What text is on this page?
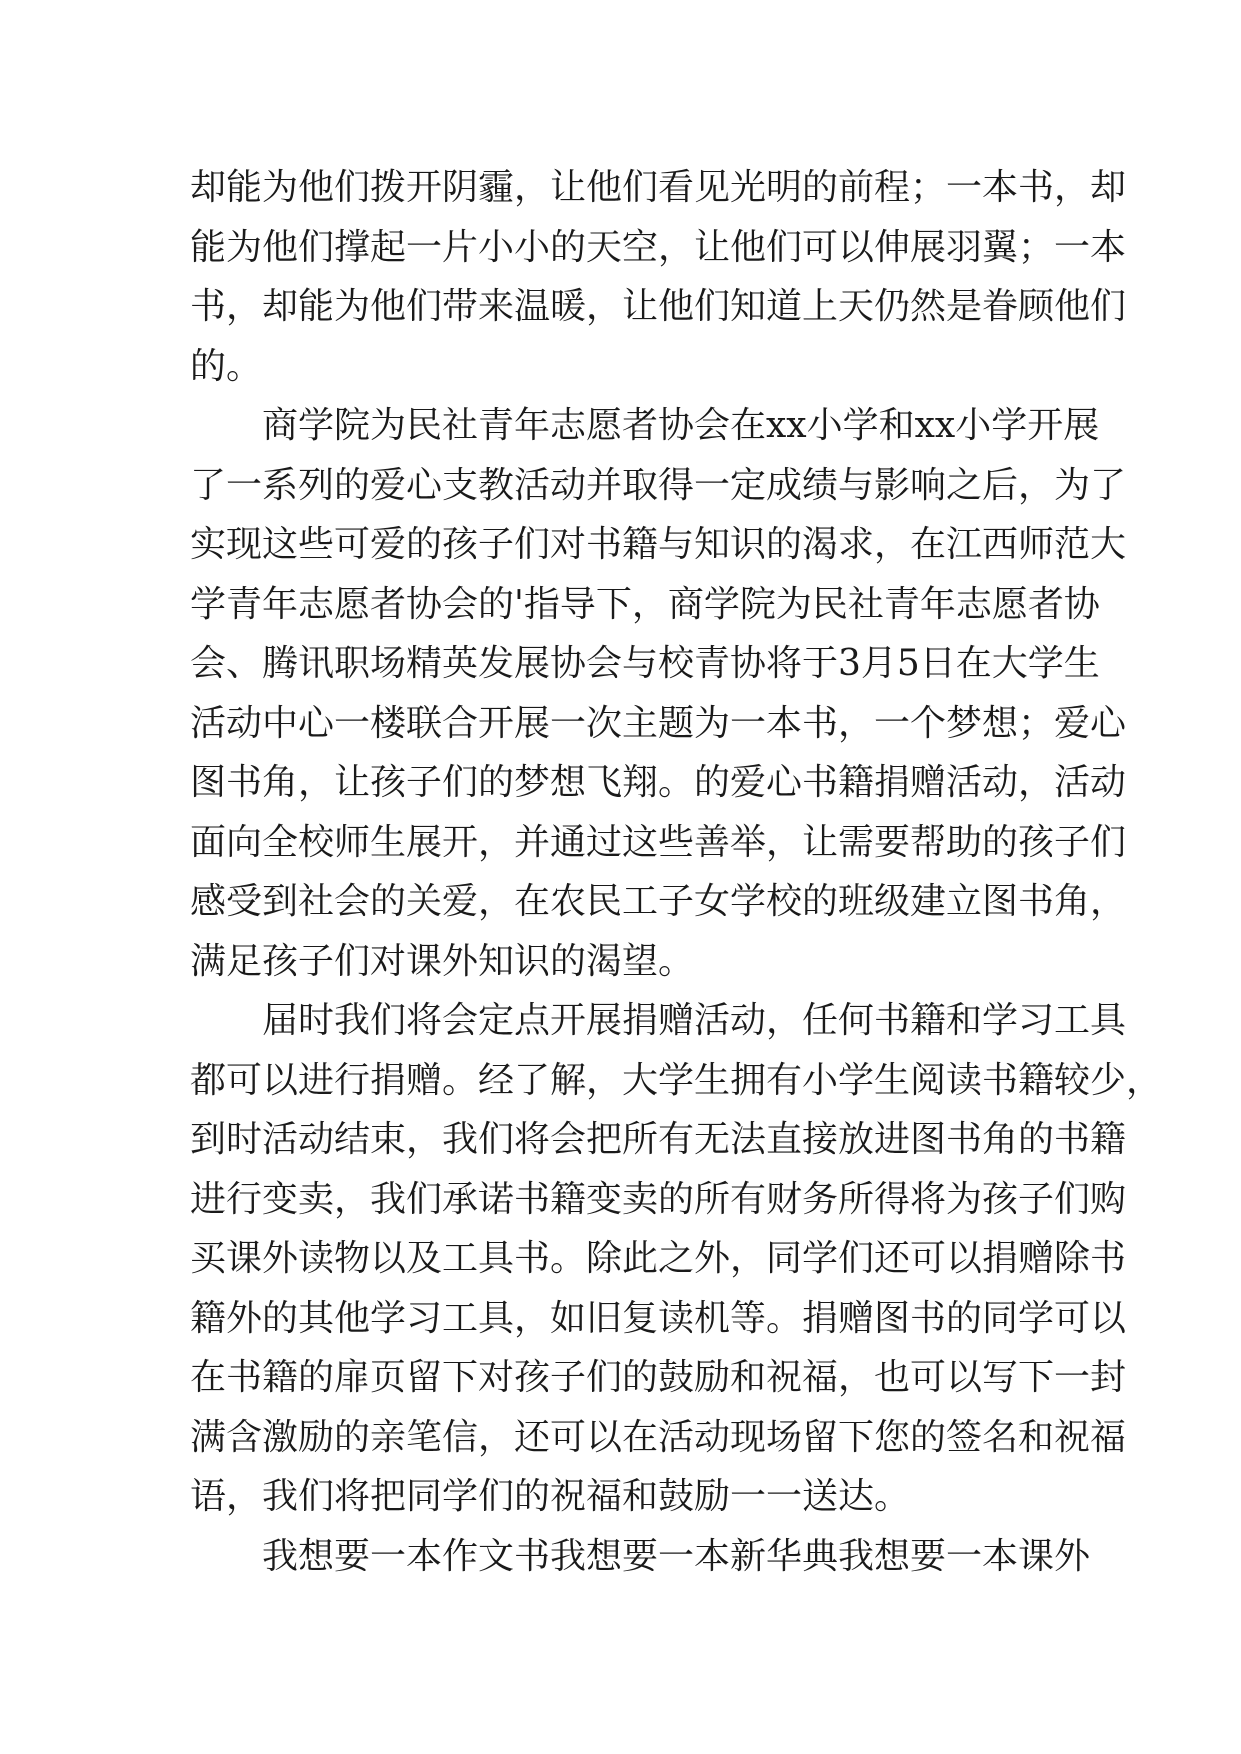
却能为他们拨开阴霾，让他们看见光明的前程；一本书，却
能为他们撑起一片小小的天空，让他们可以伸展羽翼；一本
书，却能为他们带来温暖，让他们知道上天仍然是眷顾他们
的。
商学院为民社青年志愿者协会在xx小学和xx小学开展
了一系列的爱心支教活动并取得一定成绩与影响之后，为了
实现这些可爱的孩子们对书籍与知识的渴求，在江西师范大
学青年志愿者协会的'指导下，商学院为民社青年志愿者协
会、腾讯职场精英发展协会与校青协将于3月5日在大学生
活动中心一楼联合开展一次主题为一本书，一个梦想；爱心
图书角，让孩子们的梦想飞翔。的爱心书籍捐赠活动，活动
面向全校师生展开，并通过这些善举，让需要帮助的孩子们
感受到社会的关爱，在农民工子女学校的班级建立图书角，
满足孩子们对课外知识的渴望。
届时我们将会定点开展捐赠活动，任何书籍和学习工具
都可以进行捐赠。经了解，大学生拥有小学生阅读书籍较少，
到时活动结束，我们将会把所有无法直接放进图书角的书籍
进行变卖，我们承诺书籍变卖的所有财务所得将为孩子们购
买课外读物以及工具书。除此之外，同学们还可以捐赠除书
籍外的其他学习工具，如旧复读机等。捐赠图书的同学可以
在书籍的扉页留下对孩子们的鼓励和祝福，也可以写下一封
满含激励的亲笔信，还可以在活动现场留下您的签名和祝福
语，我们将把同学们的祝福和鼓励一一送达。
我想要一本作文书我想要一本新华典我想要一本课外
